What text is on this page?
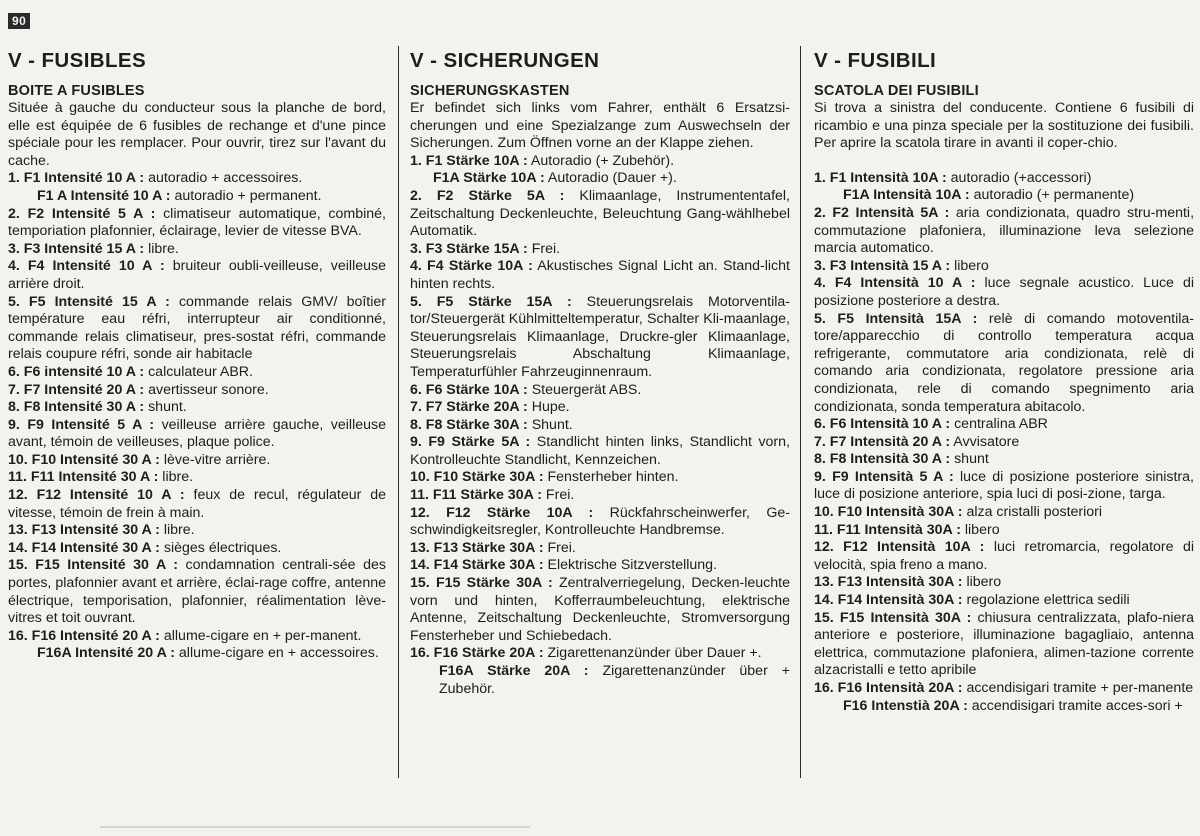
90
V - FUSIBLES
BOITE A FUSIBLES
Située à gauche du conducteur sous la planche de bord, elle est équipée de 6 fusibles de rechange et d'une pince spéciale pour les remplacer. Pour ouvrir, tirez sur l'avant du cache.
1. F1 Intensité 10 A : autoradio + accessoires.
F1 A Intensité 10 A : autoradio + permanent.
2. F2 Intensité 5 A : climatiseur automatique, combiné, temporiation plafonnier, éclairage, levier de vitesse BVA.
3. F3 Intensité 15 A : libre.
4. F4 Intensité 10 A : bruiteur oubli-veilleuse, veilleuse arrière droit.
5. F5 Intensité 15 A : commande relais GMV/ boîtier température eau réfri, interrupteur air conditionné, commande relais climatiseur, pres-sostat réfri, commande relais coupure réfri, sonde air habitacle
6. F6 intensité 10 A : calculateur ABR.
7. F7 Intensité 20 A : avertisseur sonore.
8. F8 Intensité 30 A : shunt.
9. F9 Intensité 5 A : veilleuse arrière gauche, veilleuse avant, témoin de veilleuses, plaque police.
10. F10 Intensité 30 A : lève-vitre arrière.
11. F11 Intensité 30 A : libre.
12. F12 Intensité 10 A : feux de recul, régulateur de vitesse, témoin de frein à main.
13. F13 Intensité 30 A : libre.
14. F14 Intensité 30 A : sièges électriques.
15. F15 Intensité 30 A : condamnation centrali-sée des portes, plafonnier avant et arrière, éclai-rage coffre, antenne électrique, temporisation, plafonnier, réalimentation lève-vitres et toit ouvrant.
16. F16 Intensité 20 A : allume-cigare en + per-manent.
F16A Intensité 20 A : allume-cigare en + accessoires.
V - SICHERUNGEN
SICHERUNGSKASTEN
Er befindet sich links vom Fahrer, enthält 6 Ersatzsi-cherungen und eine Spezialzange zum Auswechseln der Sicherungen. Zum Öffnen vorne an der Klappe ziehen.
1. F1 Stärke 10A : Autoradio (+ Zubehör).
F1A Stärke 10A : Autoradio (Dauer +).
2. F2 Stärke 5A : Klimaanlage, Instrumententafel, Zeitschaltung Deckenleuchte, Beleuchtung Gang-wählhebel Automatik.
3. F3 Stärke 15A : Frei.
4. F4 Stärke 10A : Akustisches Signal Licht an. Stand-licht hinten rechts.
5. F5 Stärke 15A : Steuerungsrelais Motorventila-tor/Steuergerät Kühlmitteltemperatur, Schalter Kli-maanlage, Steuerungsrelais Klimaanlage, Druckre-gler Klimaanlage, Steuerungsrelais Abschaltung Klimaanlage, Temperaturfühler Fahrzeuginnenraum.
6. F6 Stärke 10A : Steuergerät ABS.
7. F7 Stärke 20A : Hupe.
8. F8 Stärke 30A : Shunt.
9. F9 Stärke 5A : Standlicht hinten links, Standlicht vorn, Kontrolleuchte Standlicht, Kennzeichen.
10. F10 Stärke 30A : Fensterheber hinten.
11. F11 Stärke 30A : Frei.
12. F12 Stärke 10A : Rückfahrscheinwerfer, Ge-schwindigkeitsregler, Kontrolleuchte Handbremse.
13. F13 Stärke 30A : Frei.
14. F14 Stärke 30A : Elektrische Sitzverstellung.
15. F15 Stärke 30A : Zentralverriegelung, Decken-leuchte vorn und hinten, Kofferraumbeleuchtung, elektrische Antenne, Zeitschaltung Deckenleuchte, Stromversorgung Fensterheber und Schiebedach.
16. F16 Stärke 20A : Zigarettenanzünder über Dauer +.
F16A Stärke 20A : Zigarettenanzünder über + Zubehör.
V - FUSIBILI
SCATOLA DEI FUSIBILI
Si trova a sinistra del conducente. Contiene 6 fusibili di ricambio e una pinza speciale per la sostituzione dei fusibili. Per aprire la scatola tirare in avanti il coper-chio.
1. F1 Intensità 10A : autoradio (+accessori)
F1A Intensità 10A : autoradio (+ permanente)
2. F2 Intensità 5A : aria condizionata, quadro stru-menti, commutazione plafoniera, illuminazione leva selezione marcia automatico.
3. F3 Intensità 15 A : libero
4. F4 Intensità 10 A : luce segnale acustico. Luce di posizione posteriore a destra.
5. F5 Intensità 15A : relè di comando motoventila-tore/apparecchio di controllo temperatura acqua refrigerante, commutatore aria condizionata, relè di comando aria condizionata, regolatore pressione aria condizionata, rele di comando spegnimento aria condizionata, sonda temperatura abitacolo.
6. F6 Intensità 10 A : centralina ABR
7. F7 Intensità 20 A : Avvisatore
8. F8 Intensità 30 A : shunt
9. F9 Intensità 5 A : luce di posizione posteriore sinistra, luce di posizione anteriore, spia luci di posi-zione, targa.
10. F10 Intensità 30A : alza cristalli posteriori
11. F11 Intensità 30A : libero
12. F12 Intensità 10A : luci retromarcia, regolatore di velocità, spia freno a mano.
13. F13 Intensità 30A : libero
14. F14 Intensità 30A : regolazione elettrica sedili
15. F15 Intensità 30A : chiusura centralizzata, plafo-niera anteriore e posteriore, illuminazione bagagliaio, antenna elettrica, commutazione plafoniera, alimen-tazione corrente alzacristalli e tetto apribile
16. F16 Intensità 20A : accendisigari tramite + per-manente
F16 Intenstià 20A : accendisigari tramite acces-sori +
